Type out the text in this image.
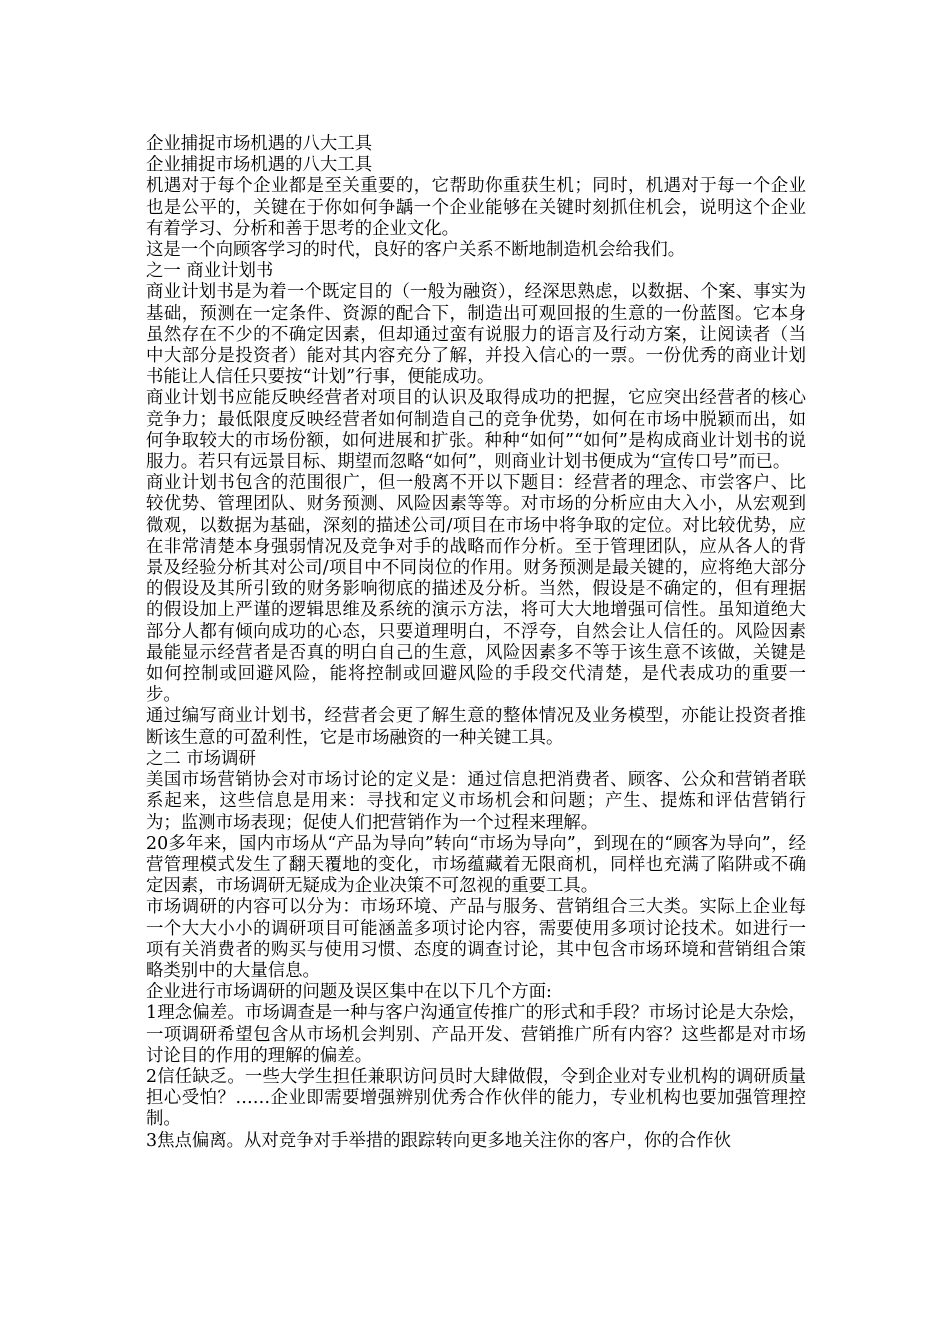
企业捕捉市场机遇的八大工具

企业捕捉市场机遇的八大工具

机遇对于每个企业都是至关重要的，它帮助你重获生机；同时，机遇对于每一个企业也是公平的，关键在于你如何争龋一个企业能够在关键时刻抓住机会，说明这个企业有着学习、分析和善于思考的企业文化。

这是一个向顾客学习的时代，良好的客户关系不断地制造机会给我们。

之一 商业计划书

商业计划书是为着一个既定目的（一般为融资），经深思熟虑，以数据、个案、事实为基础，预测在一定条件、资源的配合下，制造出可观回报的生意的一份蓝图。它本身虽然存在不少的不确定因素，但却通过蛮有说服力的语言及行动方案，让阅读者（当中大部分是投资者）能对其内容充分了解，并投入信心的一票。一份优秀的商业计划书能让人信任只要按“计划”行事，便能成功。

商业计划书应能反映经营者对项目的认识及取得成功的把握，它应突出经营者的核心竞争力；最低限度反映经营者如何制造自己的竞争优势，如何在市场中脱颖而出，如何争取较大的市场份额，如何进展和扩张。种种“如何”“如何”是构成商业计划书的说服力。若只有远景目标、期望而忽略“如何”，则商业计划书便成为“宣传口号”而已。

商业计划书包含的范围很广，但一般离不开以下题目：经营者的理念、市尝客户、比较优势、管理团队、财务预测、风险因素等等。对市场的分析应由大入小，从宏观到微观，以数据为基础，深刻的描述公司/项目在市场中将争取的定位。对比较优势，应在非常清楚本身强弱情况及竞争对手的战略而作分析。至于管理团队，应从各人的背景及经验分析其对公司/项目中不同岗位的作用。财务预测是最关键的，应将绝大部分的假设及其所引致的财务影响彻底的描述及分析。当然，假设是不确定的，但有理据的假设加上严谨的逻辑思维及系统的演示方法，将可大大地增强可信性。虽知道绝大部分人都有倾向成功的心态，只要道理明白，不浮夸，自然会让人信任的。风险因素最能显示经营者是否真的明白自己的生意，风险因素多不等于该生意不该做，关键是如何控制或回避风险，能将控制或回避风险的手段交代清楚，是代表成功的重要一步。

通过编写商业计划书，经营者会更了解生意的整体情况及业务模型，亦能让投资者推断该生意的可盈利性，它是市场融资的一种关键工具。

之二 市场调研

美国市场营销协会对市场讨论的定义是：通过信息把消费者、顾客、公众和营销者联系起来，这些信息是用来：寻找和定义市场机会和问题；产生、提炼和评估营销行为；监测市场表现；促使人们把营销作为一个过程来理解。

20多年来，国内市场从“产品为导向”转向“市场为导向”，到现在的“顾客为导向”，经营管理模式发生了翻天覆地的变化，市场蕴藏着无限商机，同样也充满了陷阱或不确定因素，市场调研无疑成为企业决策不可忽视的重要工具。

市场调研的内容可以分为：市场环境、产品与服务、营销组合三大类。实际上企业每一个大大小小的调研项目可能涵盖多项讨论内容，需要使用多项讨论技术。如进行一项有关消费者的购买与使用习惯、态度的调查讨论，其中包含市场环境和营销组合策略类别中的大量信息。

企业进行市场调研的问题及误区集中在以下几个方面:

1理念偏差。市场调查是一种与客户沟通宣传推广的形式和手段？市场讨论是大杂烩，一项调研希望包含从市场机会判别、产品开发、营销推广所有内容？这些都是对市场讨论目的作用的理解的偏差。

2信任缺乏。一些大学生担任兼职访问员时大肆做假，令到企业对专业机构的调研质量担心受怕？……企业即需要增强辨别优秀合作伙伴的能力，专业机构也要加强管理控制。

3焦点偏离。从对竞争对手举措的跟踪转向更多地关注你的客户，你的合作伙
